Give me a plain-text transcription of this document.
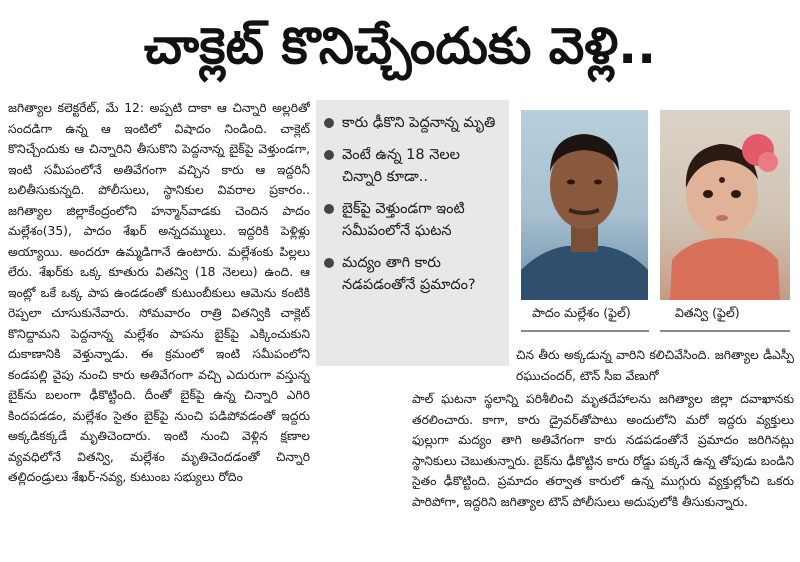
చాక్లెట్ కొనిచ్చేందుకు వెళ్లి..

జగిత్యాల కలెక్టరేట్, మే 12: అప్పటి దాకా ఆ చిన్నారి అల్లరితో సందడిగా ఉన్న ఆ ఇంటిలో విషాదం నిండింది. చాక్లెట్ కొనిచ్చేందుకు ఆ చిన్నారిని తీసుకొని పెద్దనాన్న బైక్‌పై వెళ్తుండగా, ఇంటి సమీపంలోనే అతివేగంగా వచ్చిన కారు ఆ ఇద్దరినీ బలితీసుకున్నది. పోలీసులు, స్థానికుల వివరాల ప్రకారం.. జగిత్యాల జిల్లాకేంద్రంలోని హన్మాన్‌వాడకు చెందిన పాదం మల్లేశం(35), పాదం శేఖర్ అన్నదమ్ములు. ఇద్దరికి పెళ్లిళ్లు అయ్యాయి. అందరూ ఉమ్మడిగానే ఉంటారు. మల్లేశంకు పిల్లలు లేరు. శేఖర్‌కు ఒక్క కూతురు వితన్వి (18 నెలలు) ఉంది. ఆ ఇంట్లో ఒకే ఒక్క పాప ఉండడంతో కుటుంబీకులు ఆమెను కంటికి రెప్పలా చూసుకునేవారు. సోమవారం రాత్రి వితన్వికి చాక్లెట్ కొనిద్దామని పెద్దనాన్న మల్లేశం పాపను బైక్‌పై ఎక్కించుకుని దుకాణానికి వెళ్తున్నాడు. ఈ క్రమంలో ఇంటి సమీపంలోని కండపల్లి వైపు నుంచి కారు అతివేగంగా వచ్చి ఎదురుగా వస్తున్న బైక్‌ను బలంగా ఢీకొట్టింది. దీంతో బైక్‌పై ఉన్న చిన్నారి ఎగిరి కిందపడడం, మల్లేశం సైతం బైక్‌పై నుంచి పడిపోవడంతో ఇద్దరు అక్కడికక్కడే మృతిచెందారు. ఇంటి నుంచి వెళ్లిన క్షణాల వ్యవధిలోనే వితన్వి, మల్లేశం మృతిచెందడంతో చిన్నారి తల్లిదండ్రులు శేఖర్-నవ్య, కుటుంబ సభ్యులు రోదిం

కారు ఢీకొని పెద్దనాన్న మృతి
వెంటే ఉన్న 18 నెలల చిన్నారి కూడా..
బైక్‌పై వెళ్తుండగా ఇంటి సమీపంలోనే ఘటన
మద్యం తాగి కారు నడపడంతోనే ప్రమాదం?
పాదం మల్లేశం (ఫైల్)	వితన్వి (ఫైల్)

చిన తీరు అక్కడున్న వారిని కలిచివేసింది. జగిత్యాల డీఎస్పీ రఘుచందర్, టౌన్ సీఐ వేణుగో

పాల్ ఘటనా స్థలాన్ని పరిశీలించి మృతదేహాలను జగిత్యాల జిల్లా దవాఖానకు తరలించారు. కాగా, కారు డ్రైవర్‌తోపాటు అందులోని మరో ఇద్దరు వ్యక్తులు ఫుల్లుగా మద్యం తాగి అతివేగంగా కారు నడపడంతోనే ప్రమాదం జరిగినట్లు స్థానికులు చెబుతున్నారు. బైక్‌ను ఢీకొట్టిన కారు రోడ్డు పక్కనే ఉన్న తోపుడు బండిని సైతం ఢీకొట్టింది. ప్రమాదం తర్వాత కారులో ఉన్న ముగ్గురు వ్యక్తుల్లోంచి ఒకరు పారిపోగా, ఇద్దరిని జగిత్యాల టౌన్ పోలీసులు అదుపులోకి తీసుకున్నారు.
